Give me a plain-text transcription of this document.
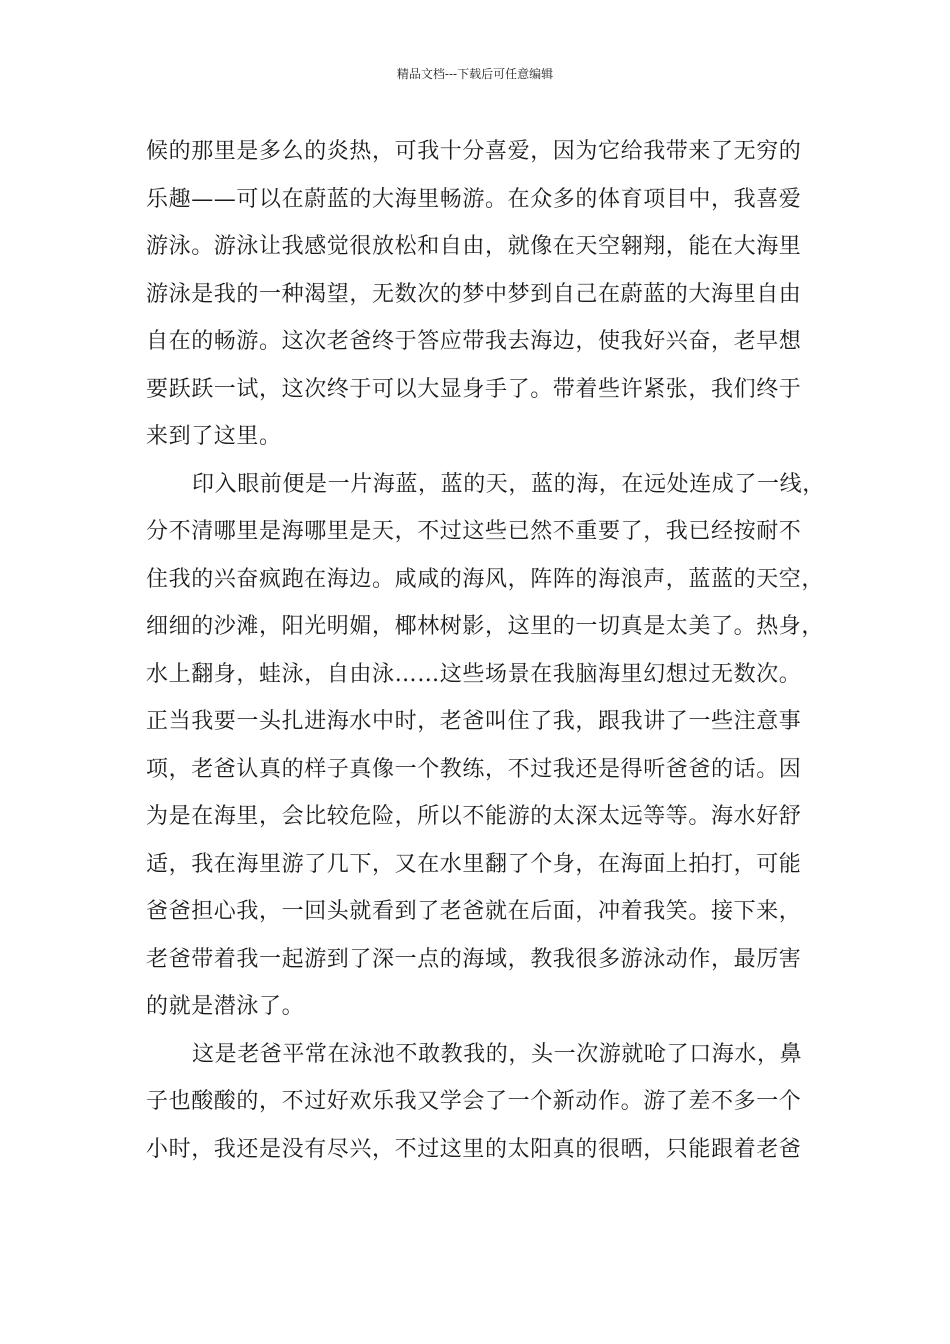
精品文档---下载后可任意编辑
候的那里是多么的炎热，可我十分喜爱，因为它给我带来了无穷的
乐趣——可以在蔚蓝的大海里畅游。在众多的体育项目中，我喜爱
游泳。游泳让我感觉很放松和自由，就像在天空翱翔，能在大海里
游泳是我的一种渴望，无数次的梦中梦到自己在蔚蓝的大海里自由
自在的畅游。这次老爸终于答应带我去海边，使我好兴奋，老早想
要跃跃一试，这次终于可以大显身手了。带着些许紧张，我们终于
来到了这里。
印入眼前便是一片海蓝，蓝的天，蓝的海，在远处连成了一线，
分不清哪里是海哪里是天，不过这些已然不重要了，我已经按耐不
住我的兴奋疯跑在海边。咸咸的海风，阵阵的海浪声，蓝蓝的天空，
细细的沙滩，阳光明媚，椰林树影，这里的一切真是太美了。热身，
水上翻身，蛙泳，自由泳……这些场景在我脑海里幻想过无数次。
正当我要一头扎进海水中时，老爸叫住了我，跟我讲了一些注意事
项，老爸认真的样子真像一个教练，不过我还是得听爸爸的话。因
为是在海里，会比较危险，所以不能游的太深太远等等。海水好舒
适，我在海里游了几下，又在水里翻了个身，在海面上拍打，可能
爸爸担心我，一回头就看到了老爸就在后面，冲着我笑。接下来，
老爸带着我一起游到了深一点的海域，教我很多游泳动作，最厉害
的就是潜泳了。
这是老爸平常在泳池不敢教我的，头一次游就呛了口海水，鼻
子也酸酸的，不过好欢乐我又学会了一个新动作。游了差不多一个
小时，我还是没有尽兴，不过这里的太阳真的很晒，只能跟着老爸
